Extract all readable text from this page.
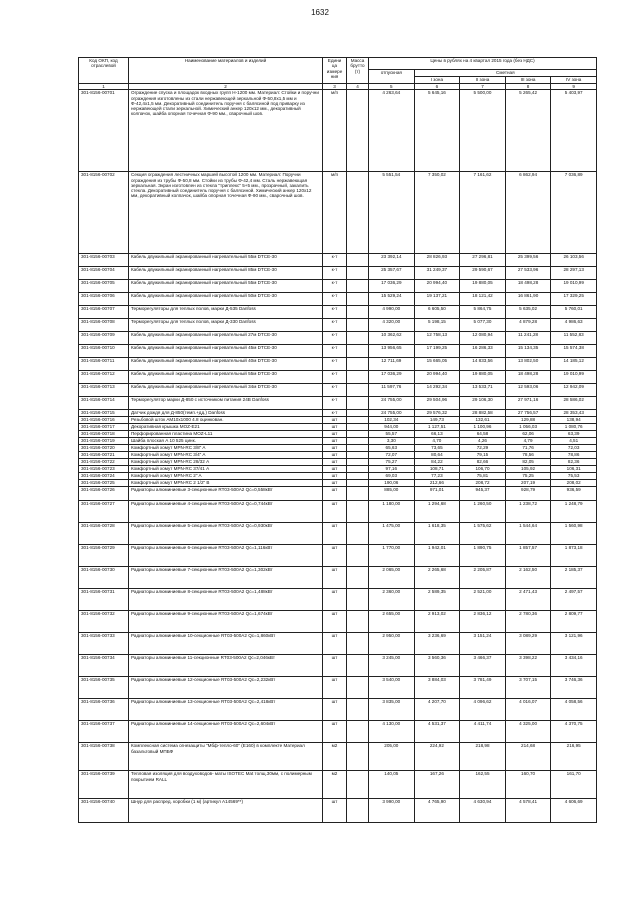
1632
Код ОКП, код отраслевой	Наименование материалов и изделий	Едини ца измере ния	Масса брутто (т)	Цены в рублях на 4 квартал 2015 года (без НДС)				
				отпускная	Сметная			
					I зона	II зона	III зона	IV зона
1	2	3	4	5	6	7	8	9
301-8156-00701	Ограждение спуска и площадок входных групп Н-1200 мм. Материал: Стойки и поручни ограждения изготовлены из стали нержавеющей зеркальной Ф-50,8х1,5 мм и Ф-42,4х1,5 мм. Декоративный соединитель поручня с балясиной под приварку из нержавеющей стали зеркальной. Химический анкер 120х12 мм., декоративный колпачок, шайба опорная точечная Ф-90 мм., сварочный шов.	м/п		4 263,64	5 645,16	5 500,00	5 265,42	5 403,97
301-8156-00702	Секция ограждения лестничных маршей высотой 1200 мм. Материал: Поручни ограждения из трубы Ф-50,8 мм. Стойки из трубы Ф-42,4 мм. Сталь нержавеющая зеркальная. Экран изготовлен из стекла "триплекс" 5+5 мм., прозрачный, закалить стекла. Декоративный соединитель поручня с балясиной. Химический анкер 120х12 мм, декоративный колпачок, шайба опорная точечная Ф-90 мм., сварочный шов.	м/п		5 551,54	7 350,02	7 161,62	6 862,94	7 036,89
301-8156-00703	Кабель двужильный экранированный нагревательный 55м DTCE-30	к-т		23 392,14	28 826,93	27 296,81	25 399,56	26 103,56
301-8156-00704	Кабель двужильный экранированный нагревательный 85м DTCE-30	к-т		25 357,67	31 249,37	29 590,67	27 533,96	28 297,13
301-8156-00705	Кабель двужильный экранированный нагревательный 55м DTCE-30	к-т		17 036,29	20 994,40	19 880,05	18 498,28	19 010,99
301-8156-00706	Кабель двужильный экранированный нагревательный 50м DTCE-30	к-т		15 529,24	19 137,21	18 121,42	16 861,90	17 329,25
301-8156-00707	Терморегуляторы для теплых полов, марки Д-535 Danfoss	к-т		4 990,00	6 605,50	5 864,75	5 635,02	5 760,01
301-8156-00708	Терморегуляторы для теплых полов, марки Д-330 Danfoss	к-т		4 320,00	5 198,15	5 077,30	4 879,28	4 986,63
301-8156-00709	Кабель двужильный экранированный нагревательный 27м DTCE-30	к-т		10 362,62	12 758,13	12 080,94	11 241,28	11 552,83
301-8156-00710	Кабель двужильный экранированный нагревательный 45м DTCE-30	к-т		13 956,65	17 199,25	16 286,33	15 134,35	15 574,38
301-8156-00711	Кабель двужильный экранированный нагревательный 40м DTCE-30	к-т		12 711,69	15 665,05	14 833,56	13 802,50	14 185,12
301-8156-00712	Кабель двужильный экранированный нагревательный 55м DTCE-30	к-т		17 036,29	20 994,40	19 880,05	18 498,28	19 010,99
301-8156-00713	Кабель двужильный экранированный нагревательный 34м DTCE-30	к-т		11 597,76	14 292,34	13 533,71	12 593,06	12 942,09
301-8156-00714	Терморегулятор марки Д-850 с источником питания 24В Danfoss	к-т		24 755,00	29 504,96	29 106,30	27 971,16	28 586,02
301-8156-00715	Датчик дождя для Д-850(темп.+дд.) Danfoss	к-т		24 755,00	29 576,32	28 882,58	27 756,57	28 353,43
301-8156-00716	Резьбовой шток АМ10х1000 4.8 оцинкован.	шт		102,34	149,73	132,61	129,88	138,94
301-8156-00717	Декоративная крышка MOZ-E21	шт		944,00	1 127,51	1 100,96	1 056,03	1 080,76
301-8156-00718	Перфорированная пластина MOZ-L11	шт		55,57	66,13	64,58	62,06	63,39
301-8156-00719	Шайба плоская А 10 525 цинк.	шт		3,30	4,70	4,26	4,79	4,51
301-8156-00720	Комфортный хомут MPN-RC 3/8" A	шт		65,63	73,65	72,29	71,76	72,03
301-8156-00721	Комфортный хомут MPN-RC 3/4" A	шт		72,07	80,64	79,15	78,56	78,86
301-8156-00722	Комфортный хомут MPN-RC 28/32 А	шт		75,27	84,22	82,66	82,05	82,36
301-8156-00723	Комфортный хомут MPN-RC 37/41 А	шт		97,16	108,71	106,70	105,92	106,31
301-8156-00724	Комфортный хомут MPN-RC 2" A	шт		69,03	77,23	75,81	75,25	75,53
301-8156-00725	Комфортный хомут MPN-RC 2 1/2" B	шт		190,06	212,66	208,72	207,19	208,02
301-8156-00726	Радиаторы алюминиевые 3-секционные RT03-500A2 Qс=0,558кВт	шт		885,00	971,01	945,37	928,79	936,59
301-8156-00727	Радиаторы алюминиевые 4-секционные RT03-500A2 Qс=0,744кВт	шт		1 180,00	1 294,68	1 260,50	1 238,72	1 248,79
301-8156-00728	Радиаторы алюминиевые 5-секционные RT03-500A2 Qс=0,930кВт	шт		1 475,00	1 618,35	1 575,62	1 544,64	1 560,98
301-8156-00729	Радиаторы алюминиевые 6-секционные RT03-500A2 Qс=1,116кВт	шт		1 770,00	1 942,01	1 890,75	1 857,57	1 873,18
301-8156-00730	Радиаторы алюминиевые 7-секционные RT03-500A2 Qс=1,302кВт	шт		2 065,00	2 265,68	2 205,87	2 162,50	2 185,37
301-8156-00731	Радиаторы алюминиевые 8-секционные RT03-500A2 Qс=1,488кВт	шт		2 360,00	2 589,35	2 521,00	2 471,43	2 497,57
301-8156-00732	Радиаторы алюминиевые 9-секционные RT03-500A2 Qс=1,674кВт	шт		2 655,00	2 913,02	2 836,12	2 780,36	2 809,77
301-8156-00733	Радиаторы алюминиевые 10-секционные RT03-500A2 Qс=1,860кВт	шт		2 950,00	3 236,69	3 151,24	3 089,29	3 121,96
301-8156-00734	Радиаторы алюминиевые 11-секционные RT03-500A2 Qс=2,046кВт	шт		3 245,00	3 560,36	3 466,37	3 398,22	3 434,16
301-8156-00735	Радиаторы алюминиевые 12-секционные RT03-500A2 Qс=2,232кВт	шт		3 540,00	3 884,03	3 781,49	3 707,15	3 746,36
301-8156-00736	Радиаторы алюминиевые 13-секционные RT03-500A2 Qс=2,418кВт	шт		3 835,00	4 207,70	4 096,62	4 016,07	4 058,56
301-8156-00737	Радиаторы алюминиевые 14-секционные RT03-500A2 Qс=2,604кВт	шт		4 130,00	4 531,37	4 411,74	4 325,00	4 370,75
301-8156-00738	Комплексная система огнезащиты "Мбф-тепло-60" (Е160) в комплекте Материал базальтовый МПБФ	м2		205,00	224,92	218,98	214,68	216,95
301-8156-00739	Тепловая изоляция для воздуховодов- маты ISOTEC Mat толщ.30мм, с полимерным покрытием RALL	м2		140,05	167,26	162,55	160,70	161,70
301-8156-00740	Шнур для распред. коробки (1 м) (артикул A14569**)	шт		3 990,00	4 765,90	4 630,94	4 578,41	4 606,69
